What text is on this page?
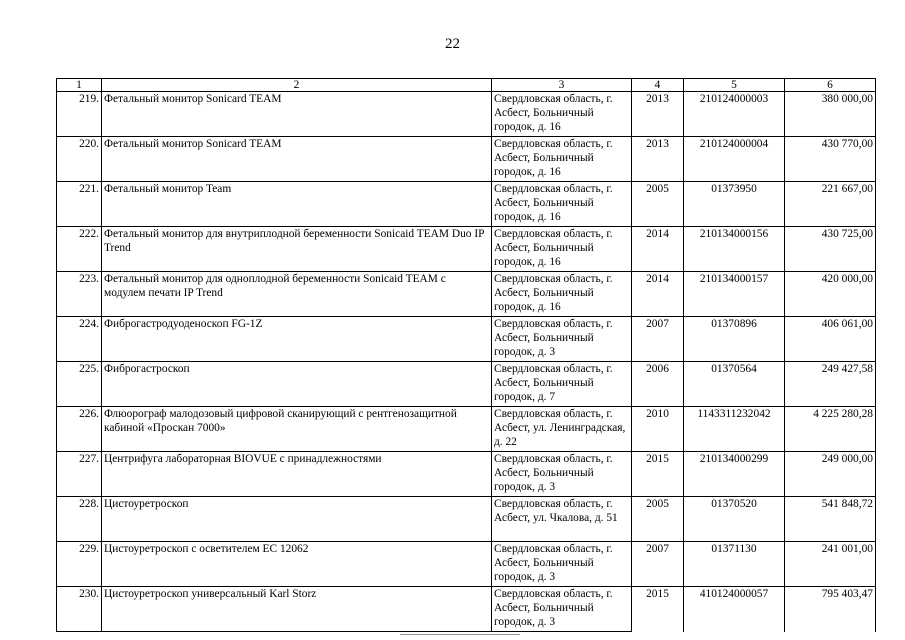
22
1	2	3	4	5	6
219.	Фетальный монитор Sonicard TEAM	Свердловская область, г. Асбест, Больничный городок, д. 16	2013	210124000003	380 000,00
220.	Фетальный монитор Sonicard TEAM	Свердловская область, г. Асбест, Больничный городок, д. 16	2013	210124000004	430 770,00
221.	Фетальный монитор Team	Свердловская область, г. Асбест, Больничный городок, д. 16	2005	01373950	221 667,00
222.	Фетальный монитор для внутриплодной беременности Sonicaid TEAM Duo IP Trend	Свердловская область, г. Асбест, Больничный городок, д. 16	2014	210134000156	430 725,00
223.	Фетальный монитор для одноплодной беременности Sonicaid TEAM с модулем печати IP Trend	Свердловская область, г. Асбест, Больничный городок, д. 16	2014	210134000157	420 000,00
224.	Фиброгастродуоденоскоп FG-1Z	Свердловская область, г. Асбест, Больничный городок, д. 3	2007	01370896	406 061,00
225.	Фиброгастроскоп	Свердловская область, г. Асбест, Больничный городок, д. 7	2006	01370564	249 427,58
226.	Флюорограф малодозовый цифровой сканирующий с рентгенозащитной кабиной «Проскан 7000»	Свердловская область, г. Асбест, ул. Ленинградская, д. 22	2010	1143311232042	4 225 280,28
227.	Центрифуга лабораторная BIOVUE с принадлежностями	Свердловская область, г. Асбест, Больничный городок, д. 3	2015	210134000299	249 000,00
228.	Цистоуретроскоп	Свердловская область, г. Асбест, ул. Чкалова, д. 51	2005	01370520	541 848,72
229.	Цистоуретроскоп с осветителем ЕС 12062	Свердловская область, г. Асбест, Больничный городок, д. 3	2007	01371130	241 001,00
230.	Цистоуретроскоп универсальный Karl Storz	Свердловская область, г. Асбест, Больничный городок, д. 3	2015	410124000057	795 403,47
